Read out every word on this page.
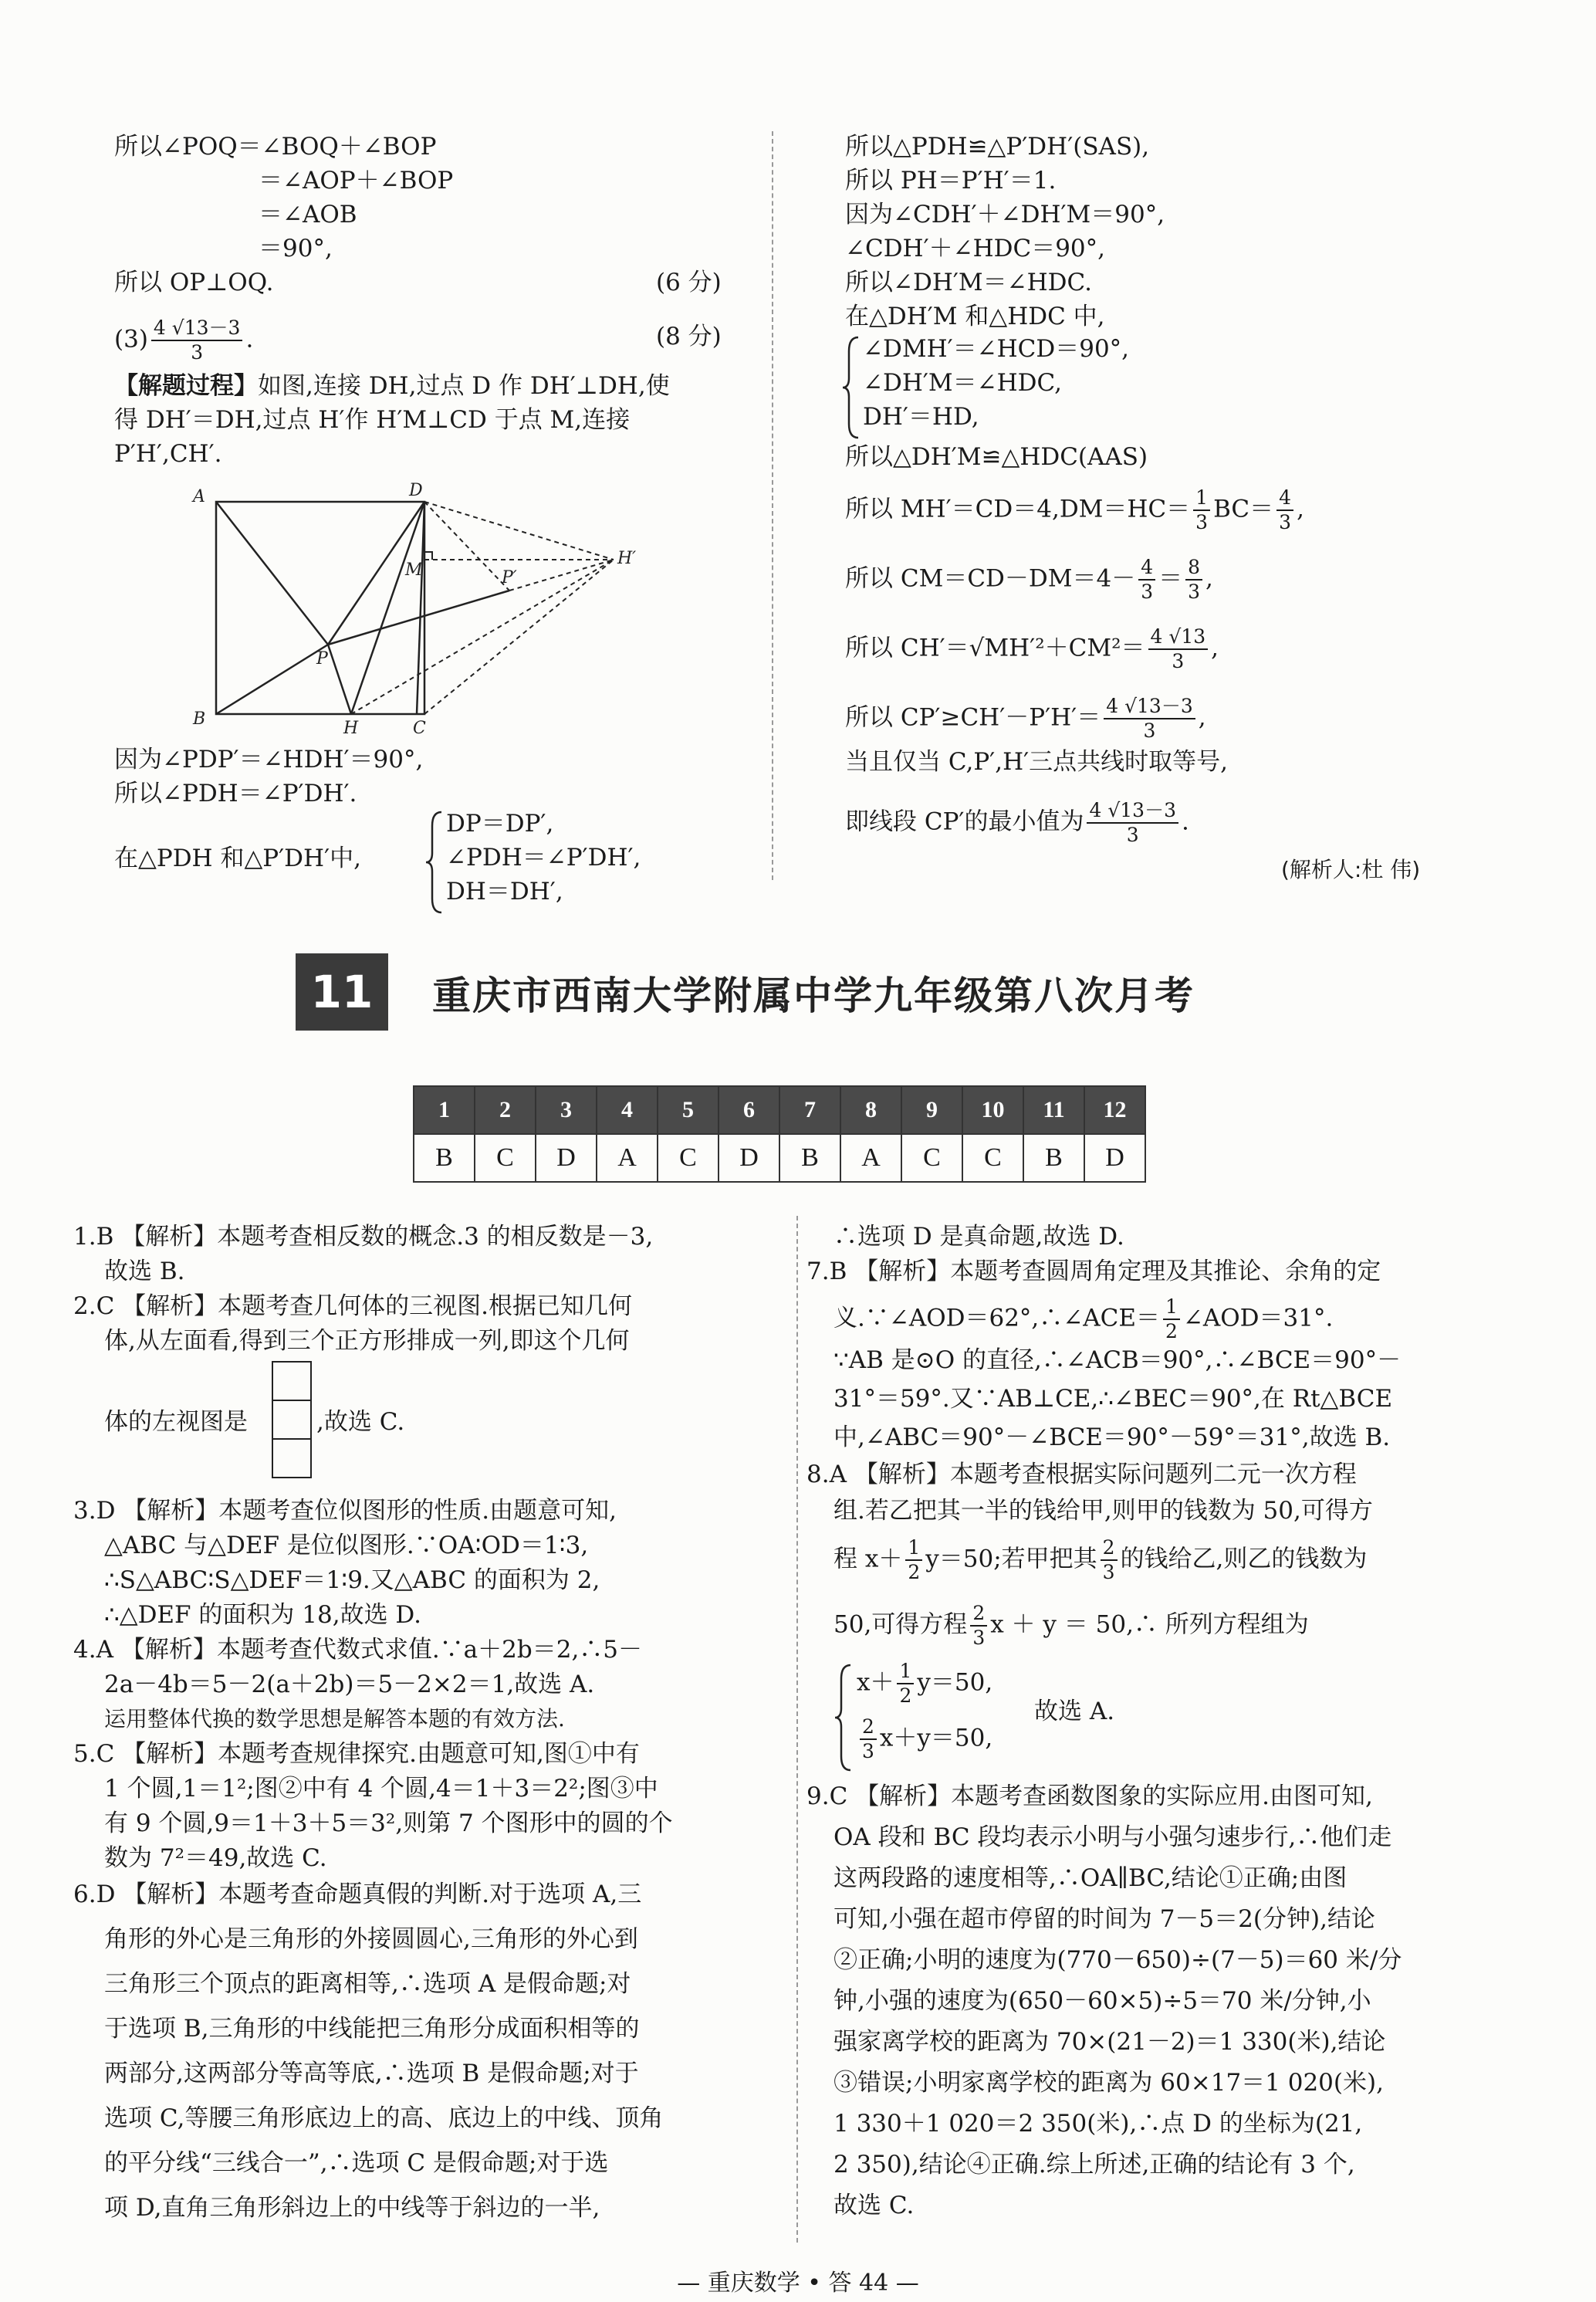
所以∠POQ＝∠BOQ＋∠BOP
＝∠AOP＋∠BOP
＝∠AOB
＝90°,
所以 OP⊥OQ.	(6 分)
$(3) \frac{4 √13-3}{3}$ .	(8 分)
【解题过程】如图,连接 DH,过点 D 作 DH′⊥DH,使
得 DH′＝DH,过点 H′作 H′M⊥CD 于点 M,连接
P′H′,CH′.
A	D
B	C
H
P
M	P′
H′
因为∠PDP′＝∠HDH′＝90°,
所以∠PDH＝∠P′DH′.
在△PDH 和△P′DH′中,
DP＝DP′,
∠PDH＝∠P′DH′,
DH＝DH′,
所以△PDH≌△P′DH′(SAS),
所以 PH＝P′H′＝1.
因为∠CDH′＋∠DH′M＝90°,
∠CDH′＋∠HDC＝90°,
所以∠DH′M＝∠HDC.
在△DH′M 和△HDC 中,
∠DMH′＝∠HCD＝90°,
∠DH′M＝∠HDC,
DH′＝HD,
所以△DH′M≌△HDC(AAS)
所以 $MH'=CD=4,DM=HC= \frac{1}{3} BC= \frac{4}{3}$ ,
所以 $CM=CD-DM=4- \frac{4}{3} = \frac{8}{3}$ ,
所以 $CH'=√MH'^2+CM^2= \frac{4 √13}{3}$ ,
所以 $CP'\ge CH'-P'H'= \frac{4 √13-3}{3}$ ,
当且仅当 C,P′,H′三点共线时取等号,
即线段 CP′的最小值为 $\frac{4 √13-3}{3}$ .
(解析人:杜 伟)
11	重庆市西南大学附属中学九年级第八次月考
1	2	3	4	5	6	7	8	9	10	11	12
B	C	D	A	C	D	B	A	C	C	B	D
1.B 【解析】本题考查相反数的概念.3 的相反数是－3,
故选 B.
2.C 【解析】本题考查几何体的三视图.根据已知几何
体,从左面看,得到三个正方形排成一列,即这个几何
体的左视图是	,故选 C.
3.D 【解析】本题考查位似图形的性质.由题意可知,
△ABC 与△DEF 是位似图形.∵OA∶OD＝1∶3,
∴S△ABC∶S△DEF＝1∶9.又△ABC 的面积为 2,
∴△DEF 的面积为 18,故选 D.
4.A 【解析】本题考查代数式求值.∵a＋2b＝2,∴5－
2a－4b＝5－2(a＋2b)＝5－2×2＝1,故选 A.
运用整体代换的数学思想是解答本题的有效方法.
5.C 【解析】本题考查规律探究.由题意可知,图①中有
1 个圆,1＝1²;图②中有 4 个圆,4＝1＋3＝2²;图③中
有 9 个圆,9＝1＋3＋5＝3²,则第 7 个图形中的圆的个
数为 7²＝49,故选 C.
6.D 【解析】本题考查命题真假的判断.对于选项 A,三
角形的外心是三角形的外接圆圆心,三角形的外心到
三角形三个顶点的距离相等,∴选项 A 是假命题;对
于选项 B,三角形的中线能把三角形分成面积相等的
两部分,这两部分等高等底,∴选项 B 是假命题;对于
选项 C,等腰三角形底边上的高、底边上的中线、顶角
的平分线“三线合一”,∴选项 C 是假命题;对于选
项 D,直角三角形斜边上的中线等于斜边的一半,
∴选项 D 是真命题,故选 D.
7.B 【解析】本题考查圆周角定理及其推论、余角的定
义.∵∠AOD＝62°,∴∠ACE＝ $\frac{1}{2}$ ∠AOD＝31°.
∵AB 是⊙O 的直径,∴∠ACB＝90°,∴∠BCE＝90°－
31°＝59°.又∵AB⊥CE,∴∠BEC＝90°,在 Rt△BCE
中,∠ABC＝90°－∠BCE＝90°－59°＝31°,故选 B.
8.A 【解析】本题考查根据实际问题列二元一次方程
组.若乙把其一半的钱给甲,则甲的钱数为 50,可得方
程 $x+ \frac{1}{2} y=50$;若甲把其 $\frac{2}{3}$ 的钱给乙,则乙的钱数为
50,可得方程 $\frac{2}{3}$ x ＋ y ＝ 50,∴ 所列方程组为
$x+ \frac{1}{2} y=50$,
$\frac{2}{3} x+y=50$,
故选 A.
9.C 【解析】本题考查函数图象的实际应用.由图可知,
OA 段和 BC 段均表示小明与小强匀速步行,∴他们走
这两段路的速度相等,∴OA∥BC,结论①正确;由图
可知,小强在超市停留的时间为 7－5＝2(分钟),结论
②正确;小明的速度为(770－650)÷(7－5)＝60 米/分
钟,小强的速度为(650－60×5)÷5＝70 米/分钟,小
强家离学校的距离为 70×(21－2)＝1 330(米),结论
③错误;小明家离学校的距离为 60×17＝1 020(米),
1 330＋1 020＝2 350(米),∴点 D 的坐标为(21,
2 350),结论④正确.综上所述,正确的结论有 3 个,
故选 C.
— 重庆数学 • 答 44 —
